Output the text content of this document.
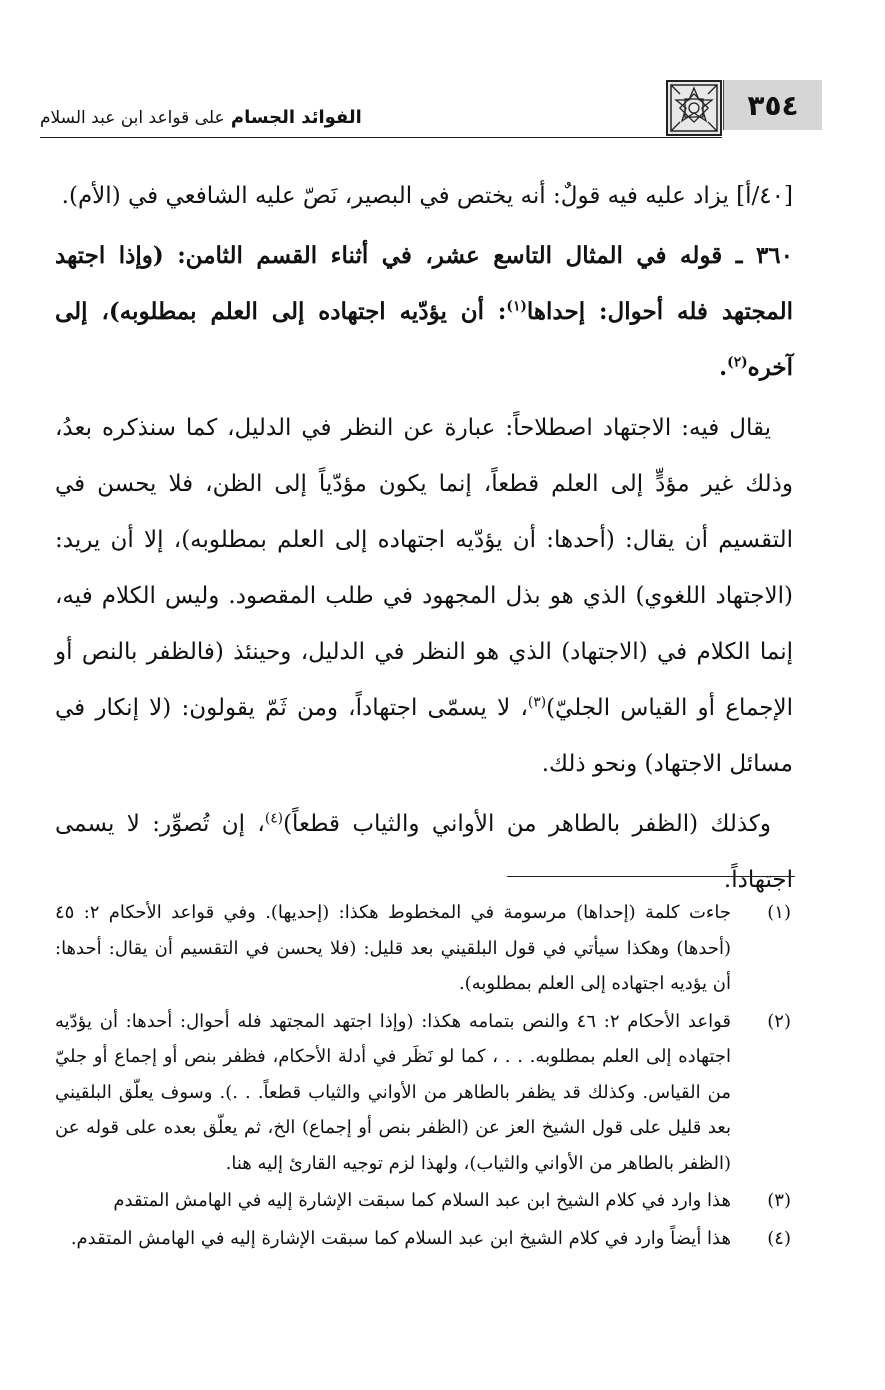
٣٥٤
الفوائد الجسام على قواعد ابن عبد السلام

[٤٠/أ] يزاد عليه فيه قولٌ: أنه يختص في البصير، نَصّ عليه الشافعي في (الأم).

٣٦٠ ـ قوله في المثال التاسع عشر، في أثناء القسم الثامن: (وإذا اجتهد المجتهد فله أحوال: إحداها$^{(١)}$: أن يؤدّيه اجتهاده إلى العلم بمطلوبه)، إلى آخره$^{(٢)}$.

يقال فيه: الاجتهاد اصطلاحاً: عبارة عن النظر في الدليل، كما سنذكره بعدُ، وذلك غير مؤدٍّ إلى العلم قطعاً، إنما يكون مؤدّياً إلى الظن، فلا يحسن في التقسيم أن يقال: (أحدها: أن يؤدّيه اجتهاده إلى العلم بمطلوبه)، إلا أن يريد: (الاجتهاد اللغوي) الذي هو بذل المجهود في طلب المقصود. وليس الكلام فيه، إنما الكلام في (الاجتهاد) الذي هو النظر في الدليل، وحينئذ (فالظفر بالنص أو الإجماع أو القياس الجليّ)$^{(٣)}$، لا يسمّى اجتهاداً، ومن ثَمّ يقولون: (لا إنكار في مسائل الاجتهاد) ونحو ذلك.

وكذلك (الظفر بالطاهر من الأواني والثياب قطعاً)$^{(٤)}$، إن تُصوِّر: لا يسمى اجتهاداً.

(١)
جاءت كلمة (إحداها) مرسومة في المخطوط هكذا: (إحديها). وفي قواعد الأحكام ٢: ٤٥ (أحدها) وهكذا سيأتي في قول البلقيني بعد قليل: (فلا يحسن في التقسيم أن يقال: أحدها: أن يؤديه اجتهاده إلى العلم بمطلوبه).
(٢)
قواعد الأحكام ٢: ٤٦ والنص بتمامه هكذا: (وإذا اجتهد المجتهد فله أحوال: أحدها: أن يؤدّيه اجتهاده إلى العلم بمطلوبه. . . ، كما لو نَظَر في أدلة الأحكام، فظفر بنص أو إجماع أو جليّ من القياس. وكذلك قد يظفر بالطاهر من الأواني والثياب قطعاً. . .). وسوف يعلّق البلقيني بعد قليل على قول الشيخ العز عن (الظفر بنص أو إجماع) الخ، ثم يعلّق بعده على قوله عن (الظفر بالطاهر من الأواني والثياب)، ولهذا لزم توجيه القارئ إليه هنا.
(٣)
هذا وارد في كلام الشيخ ابن عبد السلام كما سبقت الإشارة إليه في الهامش المتقدم
(٤)
هذا أيضاً وارد في كلام الشيخ ابن عبد السلام كما سبقت الإشارة إليه في الهامش المتقدم.
